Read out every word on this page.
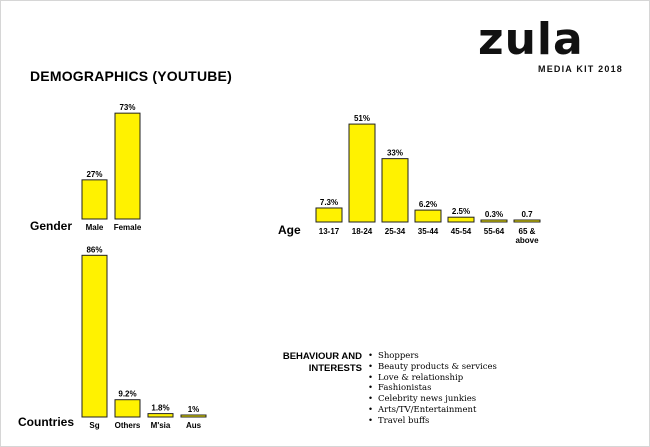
zula
MEDIA KIT 2018
DEMOGRAPHICS (YOUTUBE)
Gender
27%
Male
73%
Female	Age
7.3%
13-17
51%
18-24
33%
25-34
6.2%
35-44
2.5%
45-54
0.3%
55-64
0.7
65 &
above
Countries
86%
Sg
9.2%
Others
1.8%
M'sia
1%
Aus
BEHAVIOUR AND
INTERESTS
• Shoppers
• Beauty products & services
• Love & relationship
• Fashionistas
• Celebrity news junkies
• Arts/TV/Entertainment
• Travel buffs
